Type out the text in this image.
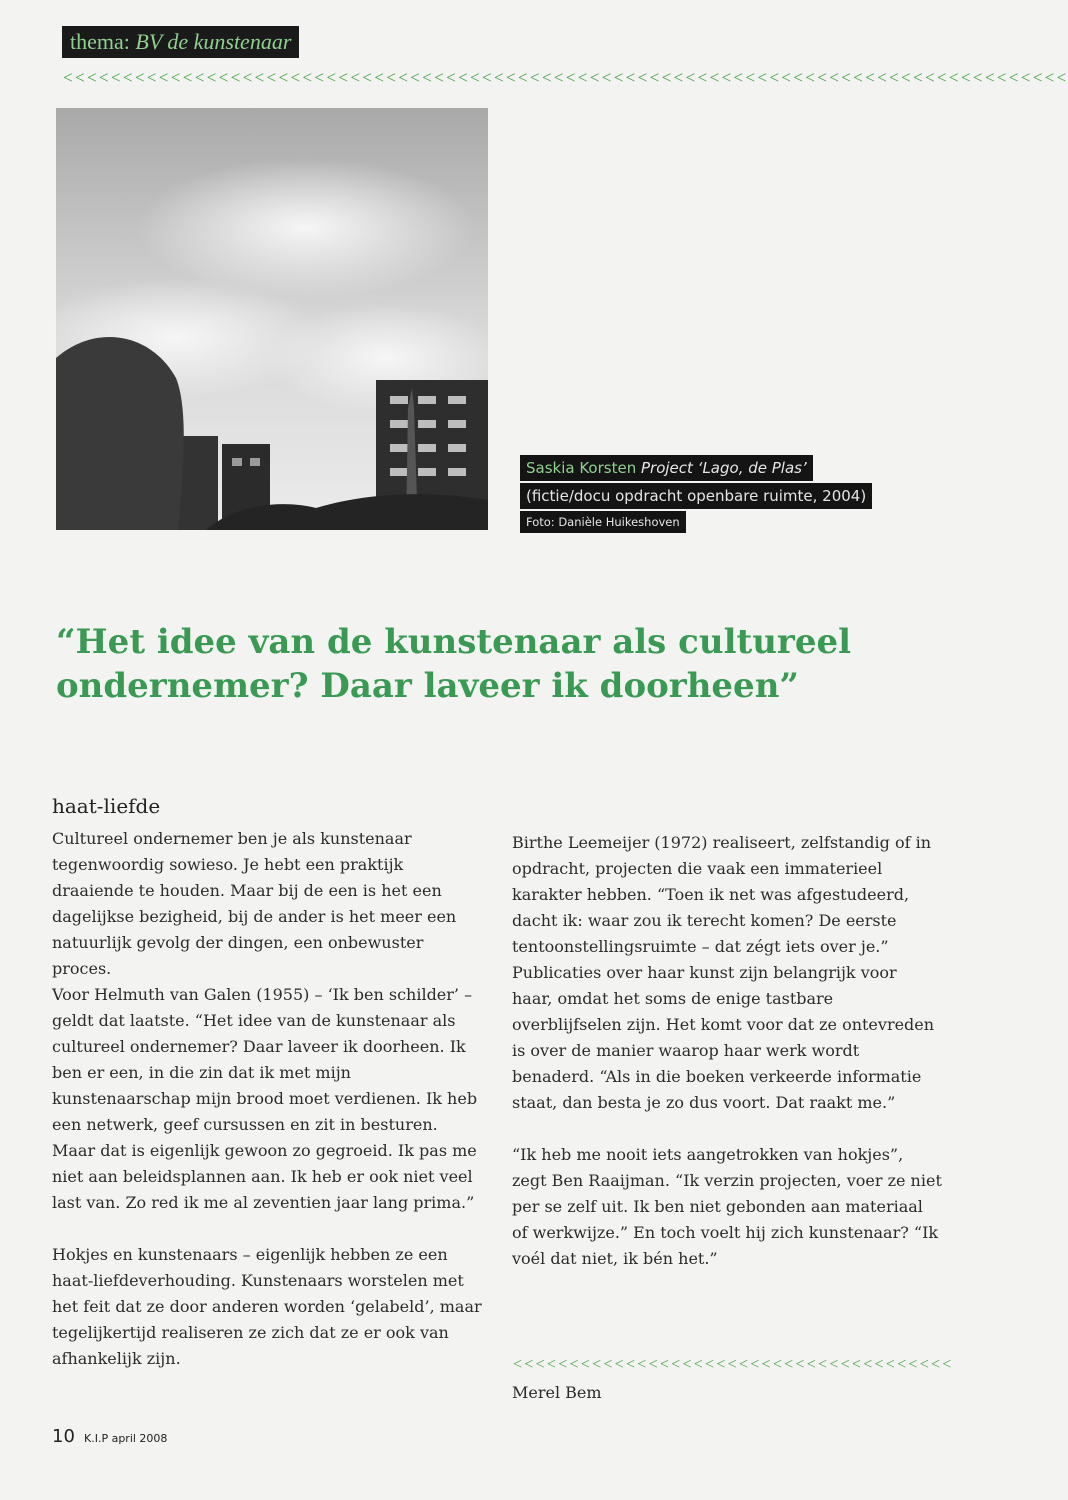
thema: BV de kunstenaar
<<<<<<<<<<<<<<<<<<<<<<<<<<<<<<<<<<<<<<<<<<<<<<<<<<<<<<<<<<<<<<<<<<<<<<<<<<<<<<<<<<<<
Saskia Korsten Project ‘Lago, de Plas’
(fictie/docu opdracht openbare ruimte, 2004)
Foto: Danièle Huikeshoven
“Het idee van de kunstenaar als cultureel ondernemer? Daar laveer ik doorheen”
haat-liefde

Cultureel ondernemer ben je als kunstenaar tegenwoordig sowieso. Je hebt een praktijk draaiende te houden. Maar bij de een is het een dagelijkse bezigheid, bij de ander is het meer een natuurlijk gevolg der dingen, een onbewuster proces.

Voor Helmuth van Galen (1955) – ‘Ik ben schilder’ – geldt dat laatste. “Het idee van de kunstenaar als cultureel ondernemer? Daar laveer ik doorheen. Ik ben er een, in die zin dat ik met mijn kunstenaarschap mijn brood moet verdienen. Ik heb een netwerk, geef cursussen en zit in besturen. Maar dat is eigenlijk gewoon zo gegroeid. Ik pas me niet aan beleidsplannen aan. Ik heb er ook niet veel last van. Zo red ik me al zeventien jaar lang prima.”

Hokjes en kunstenaars – eigenlijk hebben ze een haat-liefdeverhouding. Kunstenaars worstelen met het feit dat ze door anderen worden ‘gelabeld’, maar tegelijkertijd realiseren ze zich dat ze er ook van afhankelijk zijn.

Birthe Leemeijer (1972) realiseert, zelfstandig of in opdracht, projecten die vaak een immaterieel karakter hebben. “Toen ik net was afgestudeerd, dacht ik: waar zou ik terecht komen? De eerste tentoonstellingsruimte – dat zégt iets over je.” Publicaties over haar kunst zijn belangrijk voor haar, omdat het soms de enige tastbare overblijfselen zijn. Het komt voor dat ze ontevreden is over de manier waarop haar werk wordt benaderd. “Als in die boeken verkeerde informatie staat, dan besta je zo dus voort. Dat raakt me.”

“Ik heb me nooit iets aangetrokken van hokjes”, zegt Ben Raaijman. “Ik verzin projecten, voer ze niet per se zelf uit. Ik ben niet gebonden aan materiaal of werkwijze.” En toch voelt hij zich kunstenaar? “Ik voél dat niet, ik bén het.”

<<<<<<<<<<<<<<<<<<<<<<<<<<<<<<<<<<<<<<<
Merel Bem
10 K.I.P april 2008
